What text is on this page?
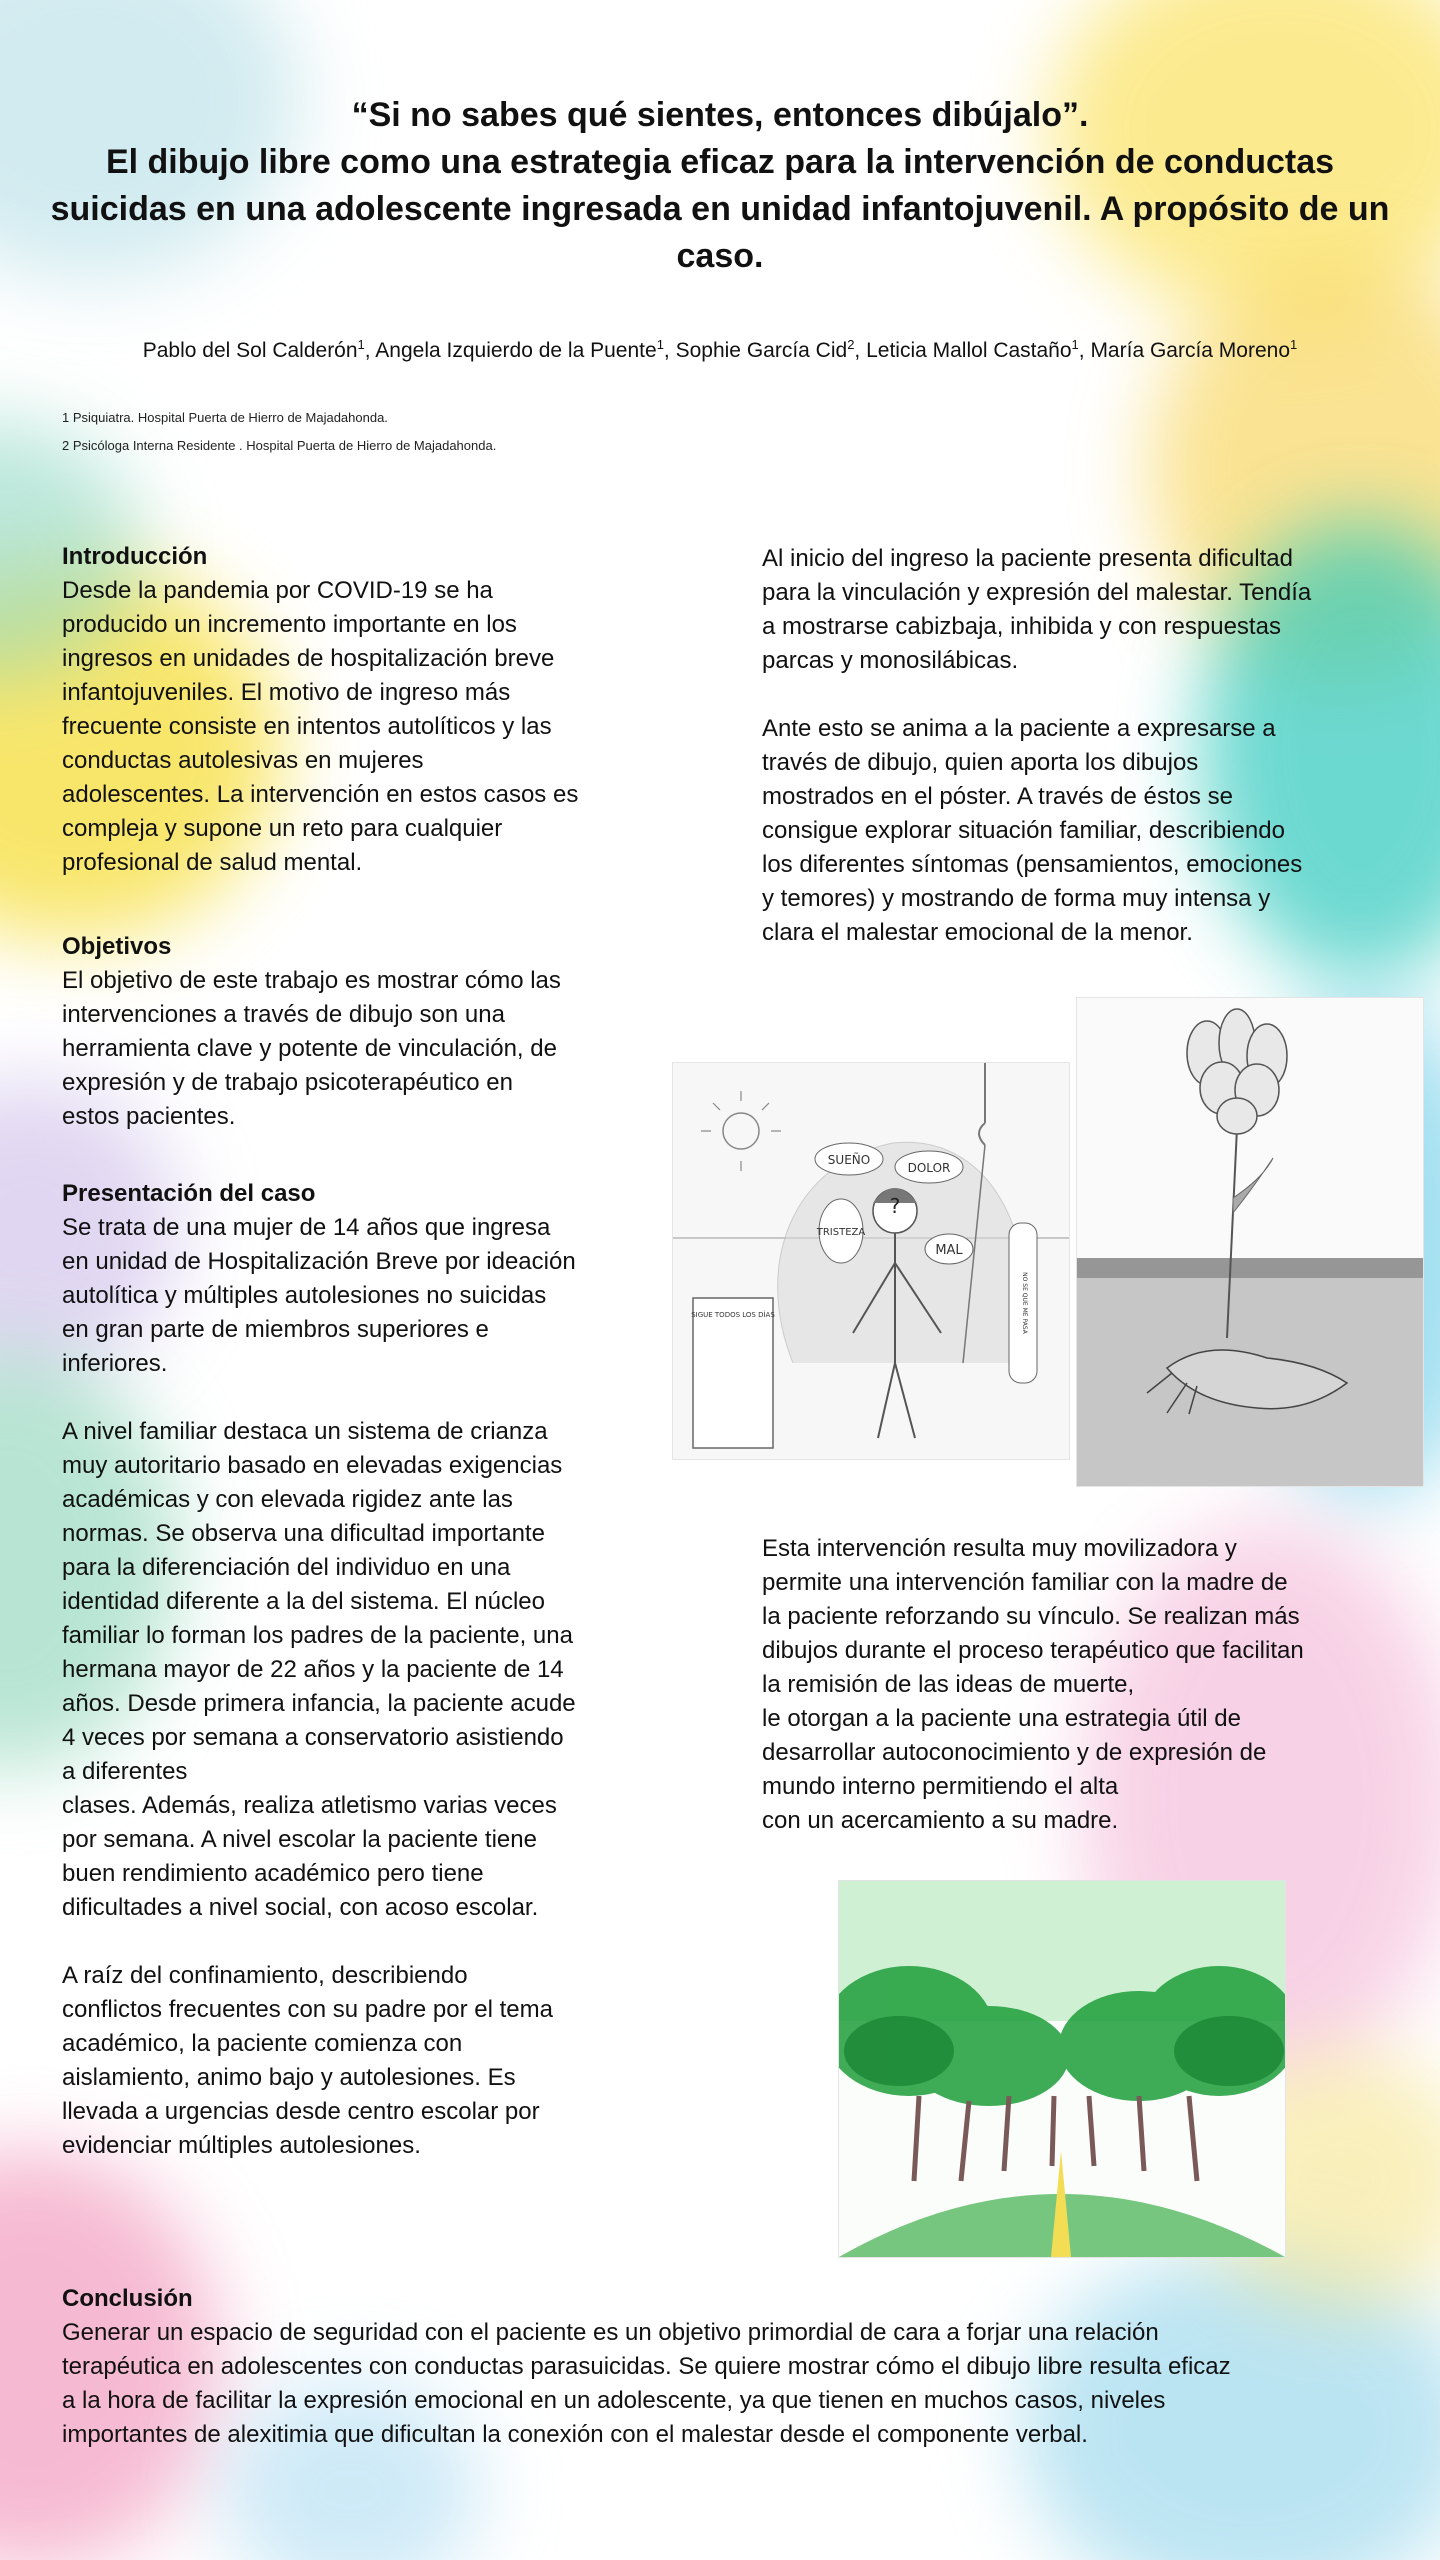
“Si no sabes qué sientes, entonces dibújalo”.
El dibujo libre como una estrategia eficaz para la intervención de conductas suicidas en una adolescente ingresada en unidad infantojuvenil. A propósito de un caso.
Pablo del Sol Calderón$^1$, Angela Izquierdo de la Puente$^1$, Sophie García Cid$^2$, Leticia Mallol Castaño$^1$, María García Moreno$^1$
1 Psiquiatra. Hospital Puerta de Hierro de Majadahonda.
2 Psicóloga Interna Residente . Hospital Puerta de Hierro de Majadahonda.
Introducción

Desde la pandemia por COVID-19 se ha
producido un incremento importante en los
ingresos en unidades de hospitalización breve
infantojuveniles. El motivo de ingreso más
frecuente consiste en intentos autolíticos y las
conductas autolesivas en mujeres
adolescentes. La intervención en estos casos es
compleja y supone un reto para cualquier
profesional de salud mental.

Objetivos

El objetivo de este trabajo es mostrar cómo las
intervenciones a través de dibujo son una
herramienta clave y potente de vinculación, de
expresión y de trabajo psicoterapéutico en
estos pacientes.

Presentación del caso

Se trata de una mujer de 14 años que ingresa
en unidad de Hospitalización Breve por ideación
autolítica y múltiples autolesiones no suicidas
en gran parte de miembros superiores e
inferiores.

A nivel familiar destaca un sistema de crianza
muy autoritario basado en elevadas exigencias
académicas y con elevada rigidez ante las
normas. Se observa una dificultad importante
para la diferenciación del individuo en una
identidad diferente a la del sistema. El núcleo
familiar lo forman los padres de la paciente, una
hermana mayor de 22 años y la paciente de 14
años. Desde primera infancia, la paciente acude
4 veces por semana a conservatorio asistiendo
a diferentes
clases. Además, realiza atletismo varias veces
por semana. A nivel escolar la paciente tiene
buen rendimiento académico pero tiene
dificultades a nivel social, con acoso escolar.

A raíz del confinamiento, describiendo
conflictos frecuentes con su padre por el tema
académico, la paciente comienza con
aislamiento, animo bajo y autolesiones. Es
llevada a urgencias desde centro escolar por
evidenciar múltiples autolesiones.

Al inicio del ingreso la paciente presenta dificultad
para la vinculación y expresión del malestar. Tendía
a mostrarse cabizbaja, inhibida y con respuestas
parcas y monosilábicas.

Ante esto se anima a la paciente a expresarse a
través de dibujo, quien aporta los dibujos
mostrados en el póster. A través de éstos se
consigue explorar situación familiar, describiendo
los diferentes síntomas (pensamientos, emociones
y temores) y mostrando de forma muy intensa y
clara el malestar emocional de la menor.

SUEÑO
DOLOR
TRISTEZA
MAL
?
SIGUE TODOS LOS DÍAS	NO SE QUE ME PASA

Esta intervención resulta muy movilizadora y
permite una intervención familiar con la madre de
la paciente reforzando su vínculo. Se realizan más
dibujos durante el proceso terapéutico que facilitan
la remisión de las ideas de muerte,
le otorgan a la paciente una estrategia útil de
desarrollar autoconocimiento y de expresión de
mundo interno permitiendo el alta
con un acercamiento a su madre.

Conclusión

Generar un espacio de seguridad con el paciente es un objetivo primordial de cara a forjar una relación
terapéutica en adolescentes con conductas parasuicidas. Se quiere mostrar cómo el dibujo libre resulta eficaz
a la hora de facilitar la expresión emocional en un adolescente, ya que tienen en muchos casos, niveles
importantes de alexitimia que dificultan la conexión con el malestar desde el componente verbal.
